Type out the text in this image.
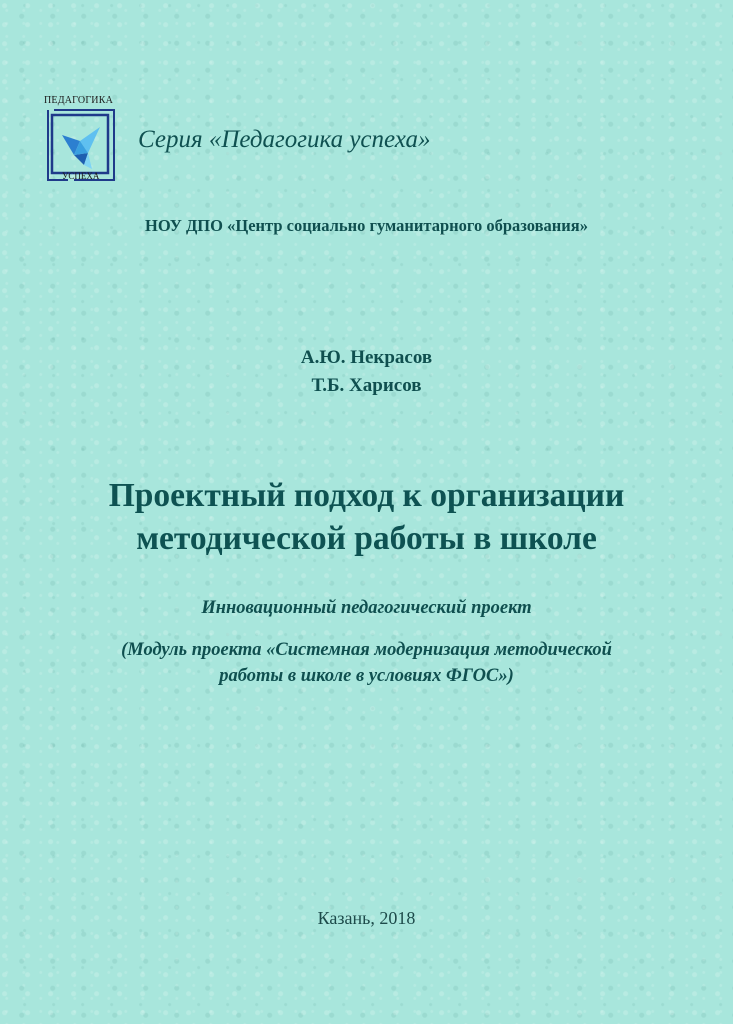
ПЕДАГОГИКА
УСПЕХА
Серия «Педагогика успеха»
НОУ ДПО «Центр социально гуманитарного образования»
А.Ю. Некрасов
Т.Б. Харисов
Проектный подход к организации
методической работы в школе
Инновационный педагогический проект
(Модуль проекта «Системная модернизация методической
работы в школе в условиях ФГОС»)
Казань, 2018
